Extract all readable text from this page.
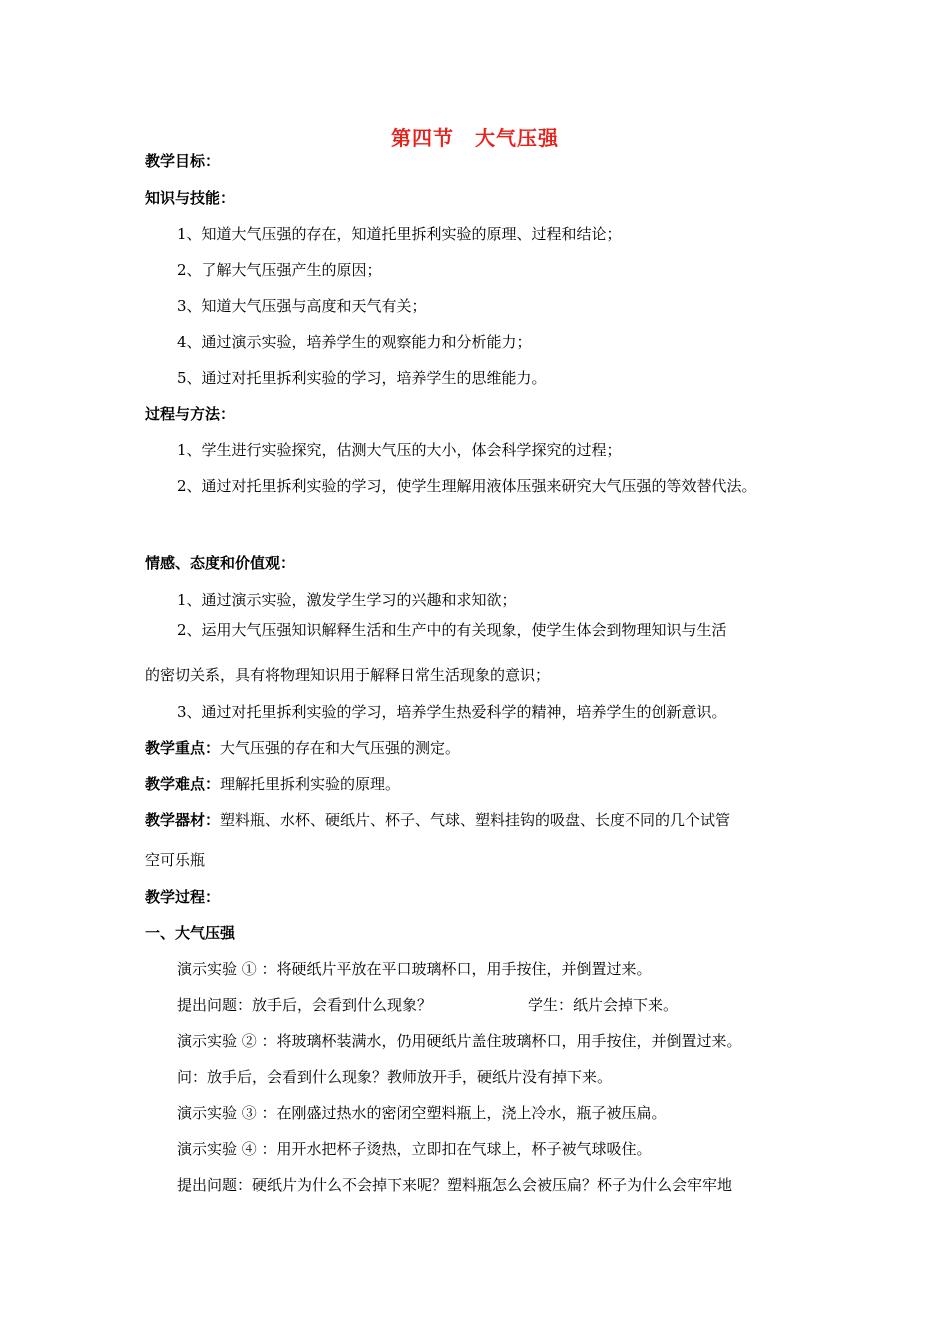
第四节　大气压强
教学目标：
知识与技能：
1、知道大气压强的存在，知道托里拆利实验的原理、过程和结论；
2、了解大气压强产生的原因；
3、知道大气压强与高度和天气有关；
4、通过演示实验，培养学生的观察能力和分析能力；
5、通过对托里拆利实验的学习，培养学生的思维能力。
过程与方法：
1、学生进行实验探究，估测大气压的大小，体会科学探究的过程；
2、通过对托里拆利实验的学习，使学生理解用液体压强来研究大气压强的等效替代法。
情感、态度和价值观：
1、通过演示实验，激发学生学习的兴趣和求知欲；
2、运用大气压强知识解释生活和生产中的有关现象，使学生体会到物理知识与生活
的密切关系，具有将物理知识用于解释日常生活现象的意识；
3、通过对托里拆利实验的学习，培养学生热爱科学的精神，培养学生的创新意识。
教学重点：大气压强的存在和大气压强的测定。
教学难点：理解托里拆利实验的原理。
教学器材：塑料瓶、水杯、硬纸片、杯子、气球、塑料挂钩的吸盘、长度不同的几个试管
空可乐瓶
教学过程：
一、大气压强
演示实验 ① ：将硬纸片平放在平口玻璃杯口，用手按住，并倒置过来。
提出问题：放手后，会看到什么现象？	学生：纸片会掉下来。
演示实验 ② ：将玻璃杯装满水，仍用硬纸片盖住玻璃杯口，用手按住，并倒置过来。
问：放手后，会看到什么现象？教师放开手，硬纸片没有掉下来。
演示实验 ③ ：在刚盛过热水的密闭空塑料瓶上，浇上冷水，瓶子被压扁。
演示实验 ④ ：用开水把杯子烫热，立即扣在气球上，杯子被气球吸住。
提出问题：硬纸片为什么不会掉下来呢？塑料瓶怎么会被压扁？杯子为什么会牢牢地
